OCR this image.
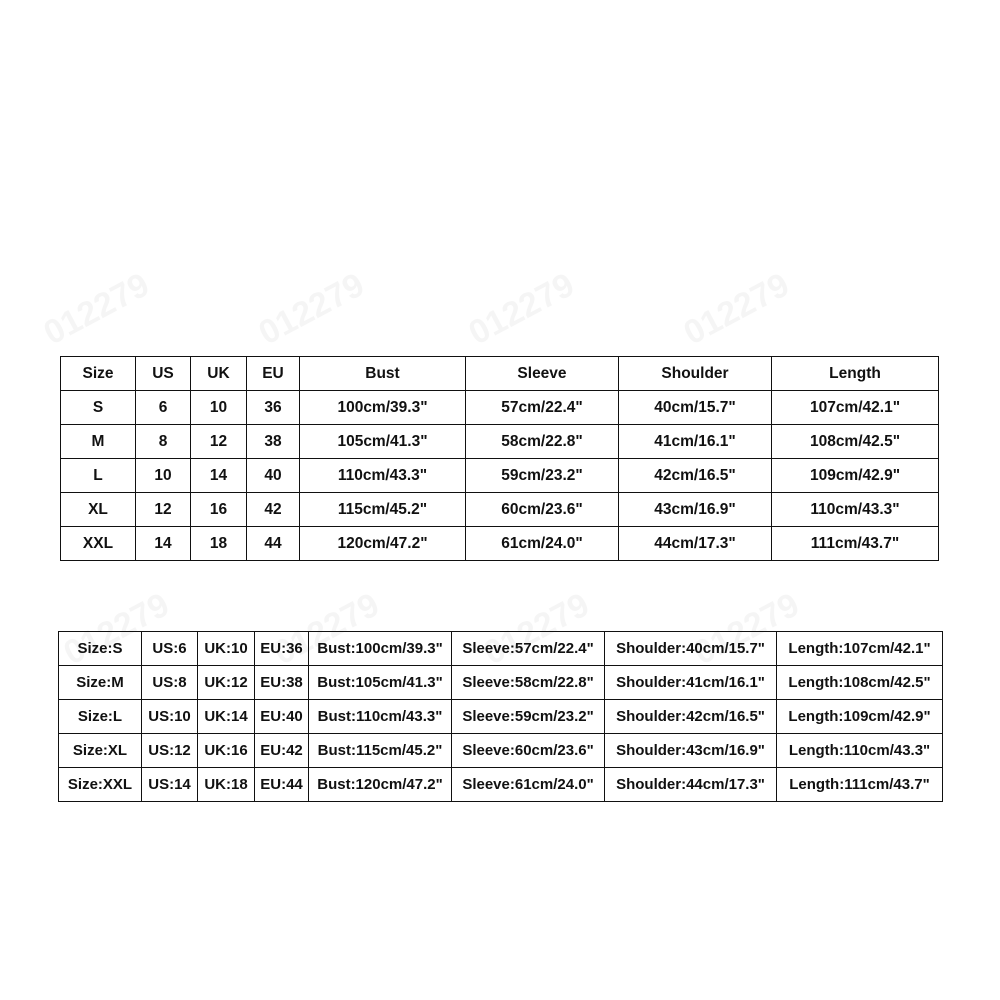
Size	US	UK	EU	Bust	Sleeve	Shoulder	Length
S	6	10	36	100cm/39.3"	57cm/22.4"	40cm/15.7"	107cm/42.1"
M	8	12	38	105cm/41.3"	58cm/22.8"	41cm/16.1"	108cm/42.5"
L	10	14	40	110cm/43.3"	59cm/23.2"	42cm/16.5"	109cm/42.9"
XL	12	16	42	115cm/45.2"	60cm/23.6"	43cm/16.9"	110cm/43.3"
XXL	14	18	44	120cm/47.2"	61cm/24.0"	44cm/17.3"	111cm/43.7"
Size:S	US:6	UK:10	EU:36	Bust:100cm/39.3"	Sleeve:57cm/22.4"	Shoulder:40cm/15.7"	Length:107cm/42.1"
Size:M	US:8	UK:12	EU:38	Bust:105cm/41.3"	Sleeve:58cm/22.8"	Shoulder:41cm/16.1"	Length:108cm/42.5"
Size:L	US:10	UK:14	EU:40	Bust:110cm/43.3"	Sleeve:59cm/23.2"	Shoulder:42cm/16.5"	Length:109cm/42.9"
Size:XL	US:12	UK:16	EU:42	Bust:115cm/45.2"	Sleeve:60cm/23.6"	Shoulder:43cm/16.9"	Length:110cm/43.3"
Size:XXL	US:14	UK:18	EU:44	Bust:120cm/47.2"	Sleeve:61cm/24.0"	Shoulder:44cm/17.3"	Length:111cm/43.7"
